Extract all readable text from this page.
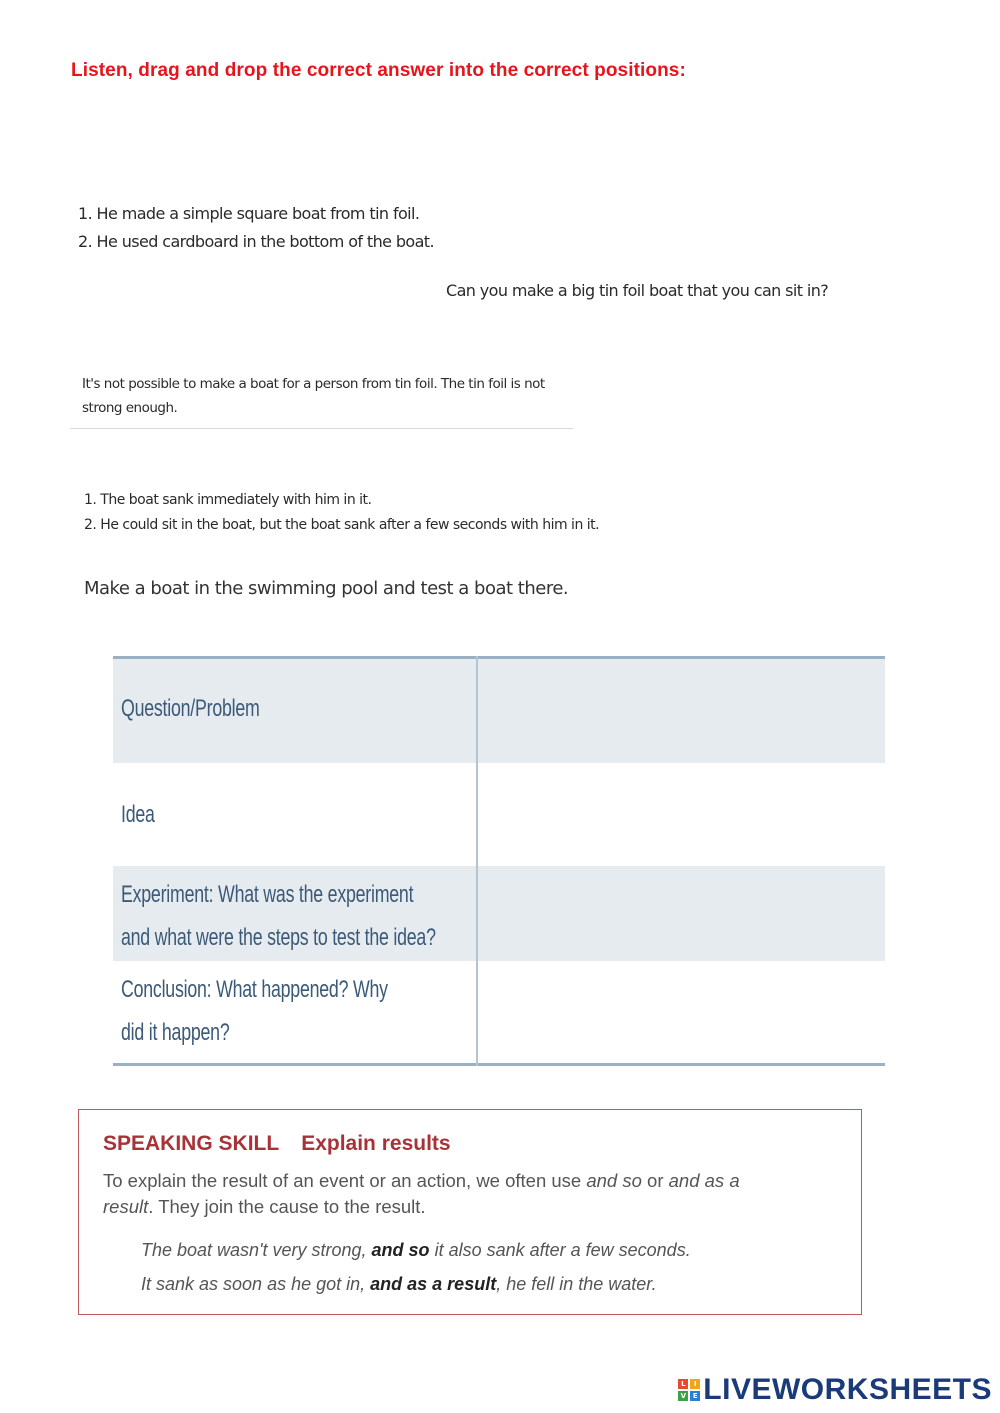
Listen, drag and drop the correct answer into the correct positions:
1. He made a simple square boat from tin foil.
2. He used cardboard in the bottom of the boat.
Can you make a big tin foil boat that you can sit in?
It's not possible to make a boat for a person from tin foil. The tin foil is not
strong enough.
1. The boat sank immediately with him in it.
2. He could sit in the boat, but the boat sank after a few seconds with him in it.
Make a boat in the swimming pool and test a boat there.
Question/Problem
Idea
Experiment: What was the experiment
and what were the steps to test the idea?
Conclusion: What happened? Why
did it happen?
SPEAKING SKILL Explain results
To explain the result of an event or an action, we often use and so or and as a
result. They join the cause to the result.
The boat wasn't very strong, and so it also sank after a few seconds.
It sank as soon as he got in, and as a result, he fell in the water.
L	I
V E LIVEWORKSHEETS
